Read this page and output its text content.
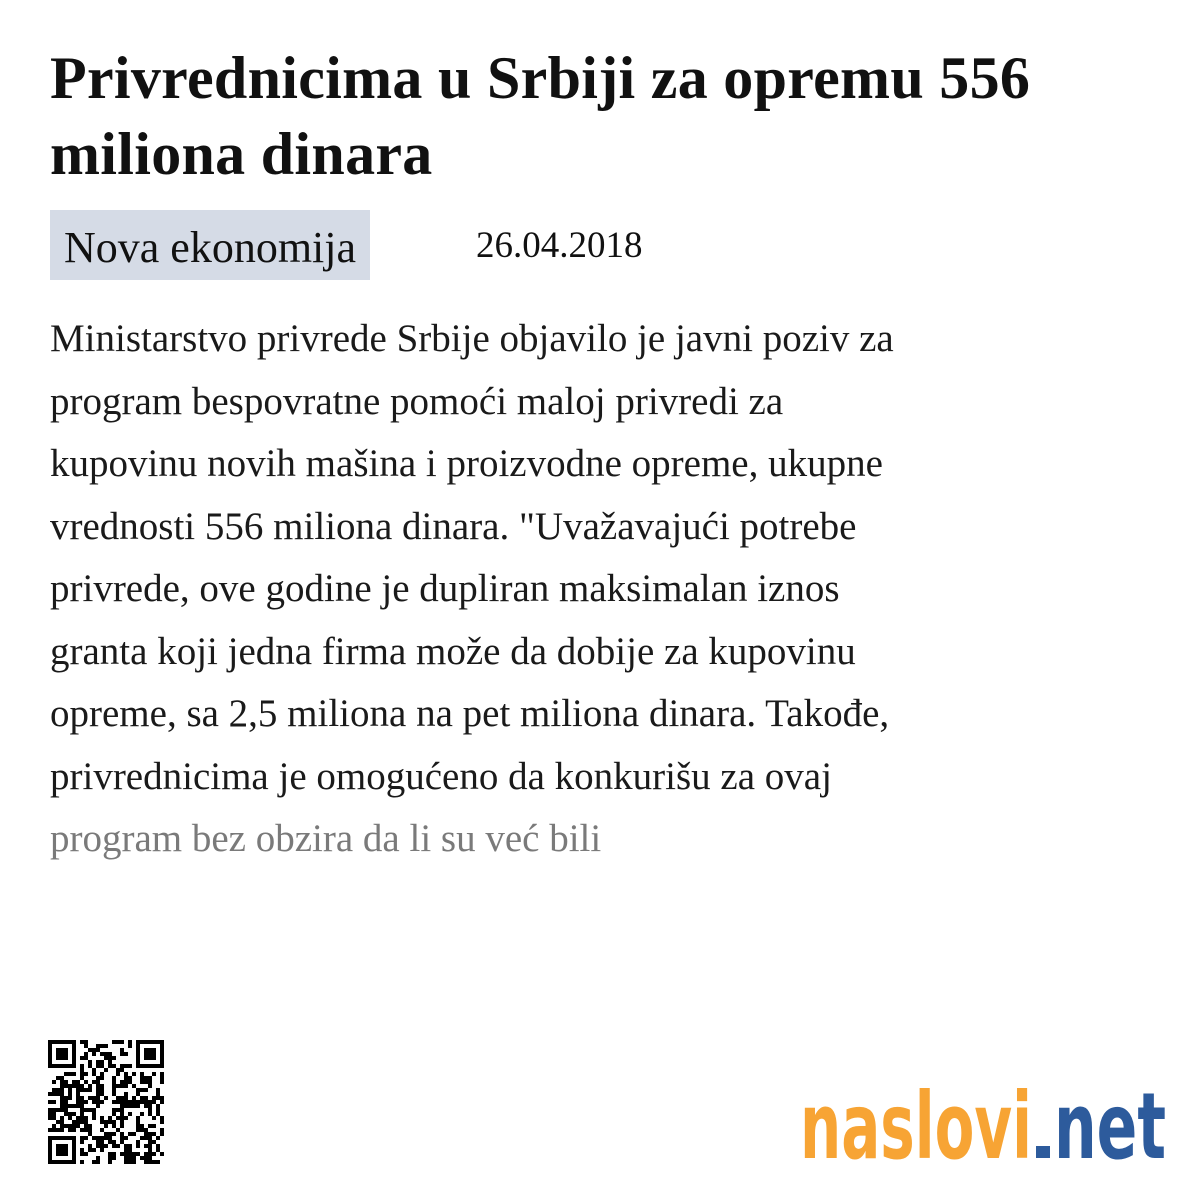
Privrednicima u Srbiji za opremu 556 miliona dinara
Nova ekonomija	26.04.2018

Ministarstvo privrede Srbije objavilo je javni poziv za
program bespovratne pomoći maloj privredi za
kupovinu novih mašina i proizvodne opreme, ukupne
vrednosti 556 miliona dinara. "Uvažavajući potrebe
privrede, ove godine je dupliran maksimalan iznos
granta koji jedna firma može da dobije za kupovinu
opreme, sa 2,5 miliona na pet miliona dinara. Takođe,
privrednicima je omogućeno da konkurišu za ovaj
program bez obzira da li su već bili

naslovi net
